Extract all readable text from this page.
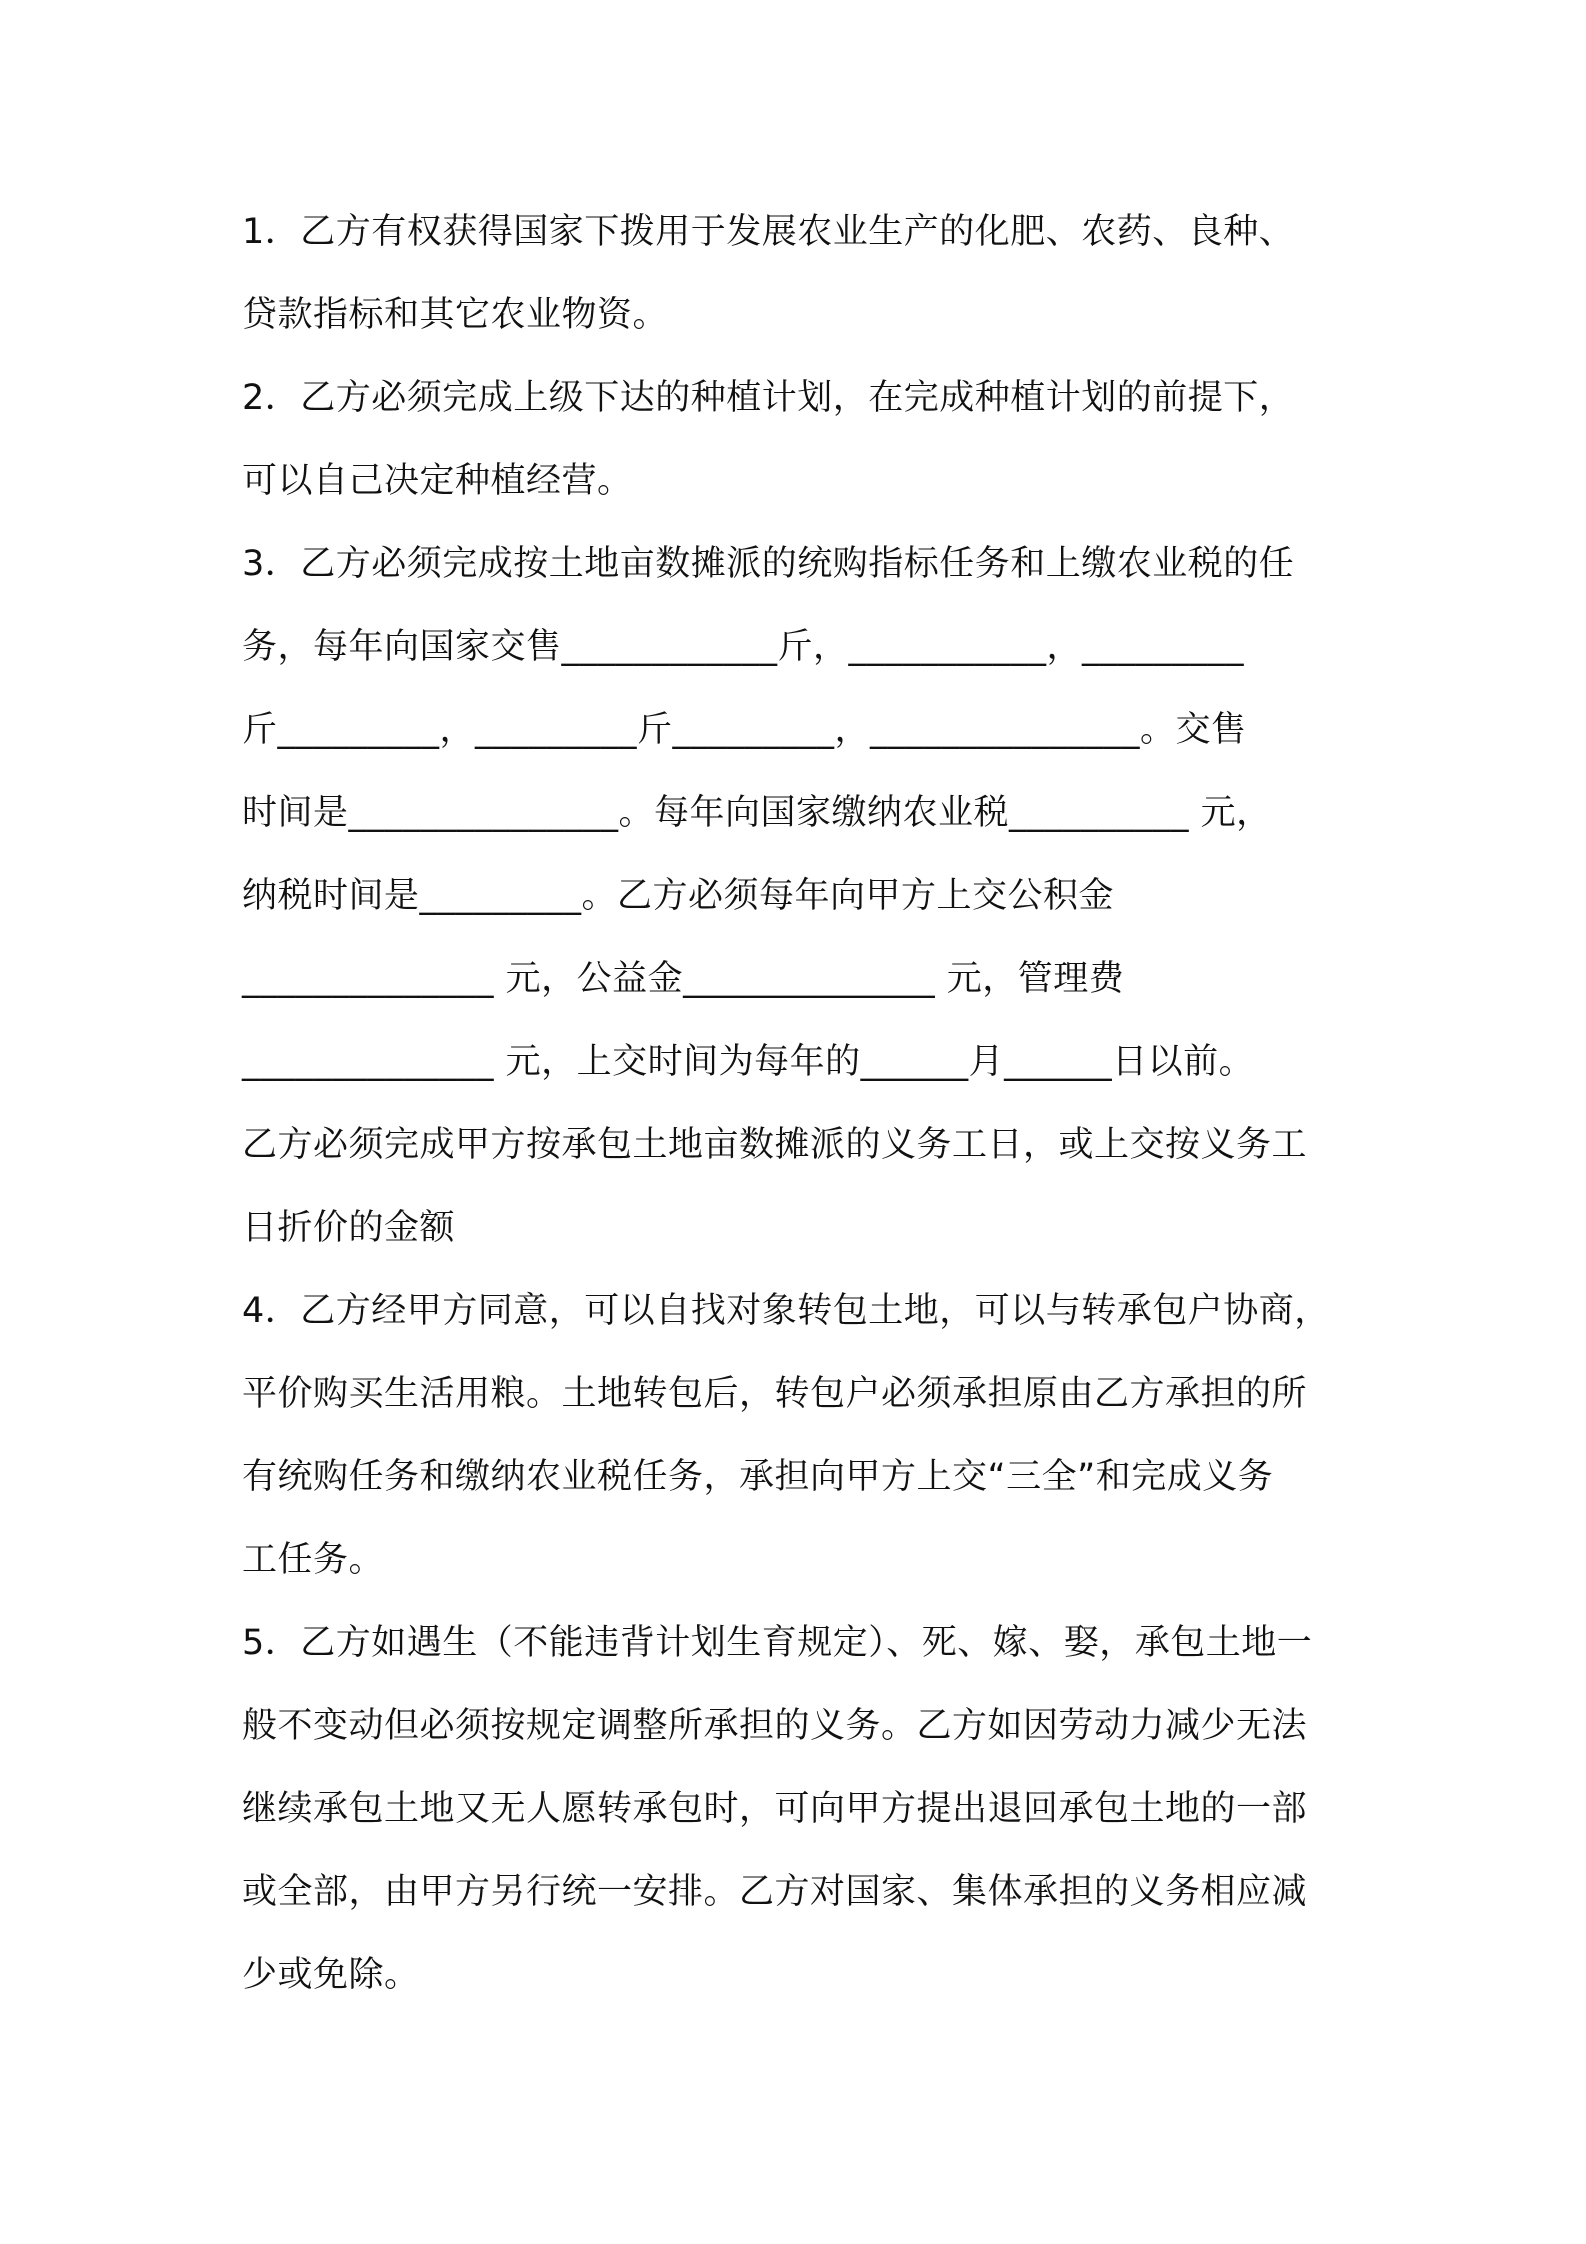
1．乙方有权获得国家下拨用于发展农业生产的化肥、农药、良种、
贷款指标和其它农业物资。
2．乙方必须完成上级下达的种植计划，在完成种植计划的前提下，
可以自己决定种植经营。
3．乙方必须完成按土地亩数摊派的统购指标任务和上缴农业税的任
务，每年向国家交售____________斤，___________，_________
斤_________，_________斤_________，_______________。交售
时间是_______________。每年向国家缴纳农业税__________ 元，
纳税时间是_________。乙方必须每年向甲方上交公积金
______________ 元，公益金______________ 元，管理费
______________ 元，上交时间为每年的______月______日以前。
乙方必须完成甲方按承包土地亩数摊派的义务工日，或上交按义务工
日折价的金额
4．乙方经甲方同意，可以自找对象转包土地，可以与转承包户协商，
平价购买生活用粮。土地转包后，转包户必须承担原由乙方承担的所
有统购任务和缴纳农业税任务，承担向甲方上交“三全”和完成义务
工任务。
5．乙方如遇生（不能违背计划生育规定）、死、嫁、娶，承包土地一
般不变动但必须按规定调整所承担的义务。乙方如因劳动力减少无法
继续承包土地又无人愿转承包时，可向甲方提出退回承包土地的一部
或全部，由甲方另行统一安排。乙方对国家、集体承担的义务相应减
少或免除。
